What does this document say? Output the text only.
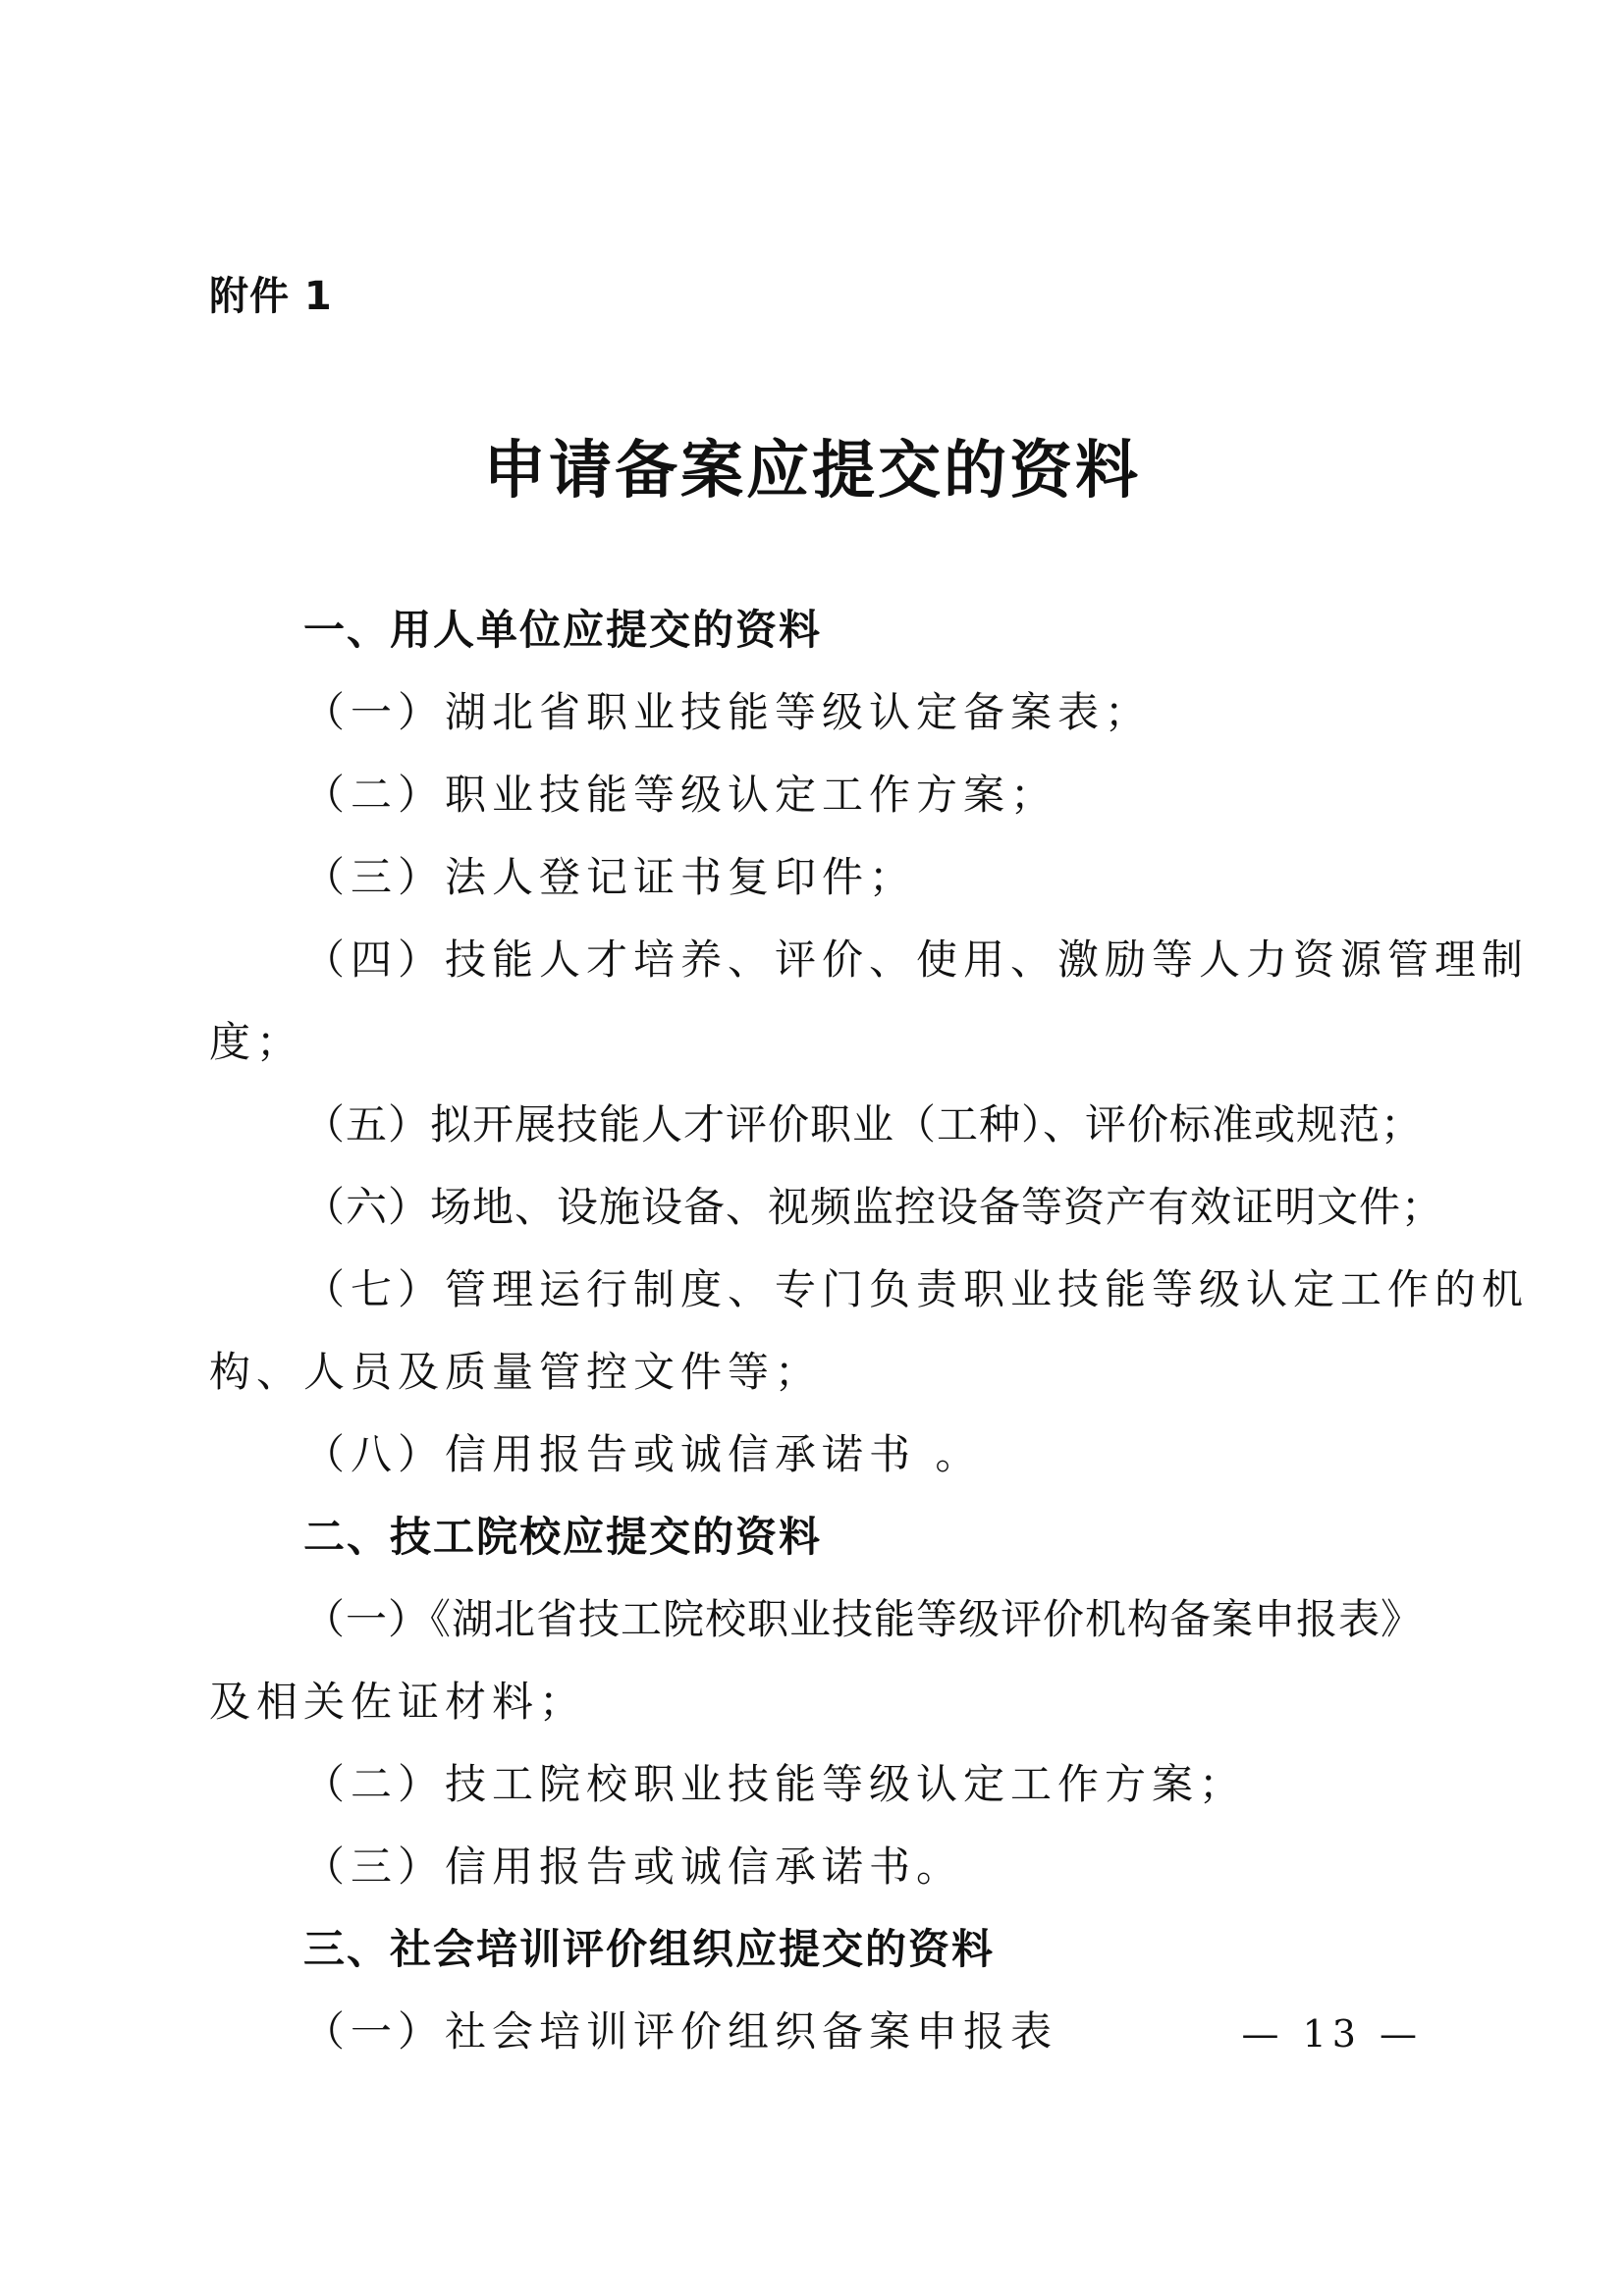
附件 1
申请备案应提交的资料
一、用人单位应提交的资料
（一）湖北省职业技能等级认定备案表；
（二）职业技能等级认定工作方案；
（三）法人登记证书复印件；
（四）技能人才培养、评价、使用、激励等人力资源管理制
度；
（五）拟开展技能人才评价职业（工种）、评价标准或规范；
（六）场地、设施设备、视频监控设备等资产有效证明文件；
（七）管理运行制度、专门负责职业技能等级认定工作的机
构、人员及质量管控文件等；
（八）信用报告或诚信承诺书 。
二、技工院校应提交的资料
（一）《湖北省技工院校职业技能等级评价机构备案申报表》
及相关佐证材料；
（二）技工院校职业技能等级认定工作方案；
（三）信用报告或诚信承诺书。
三、社会培训评价组织应提交的资料
（一）社会培训评价组织备案申报表	— 13 —
